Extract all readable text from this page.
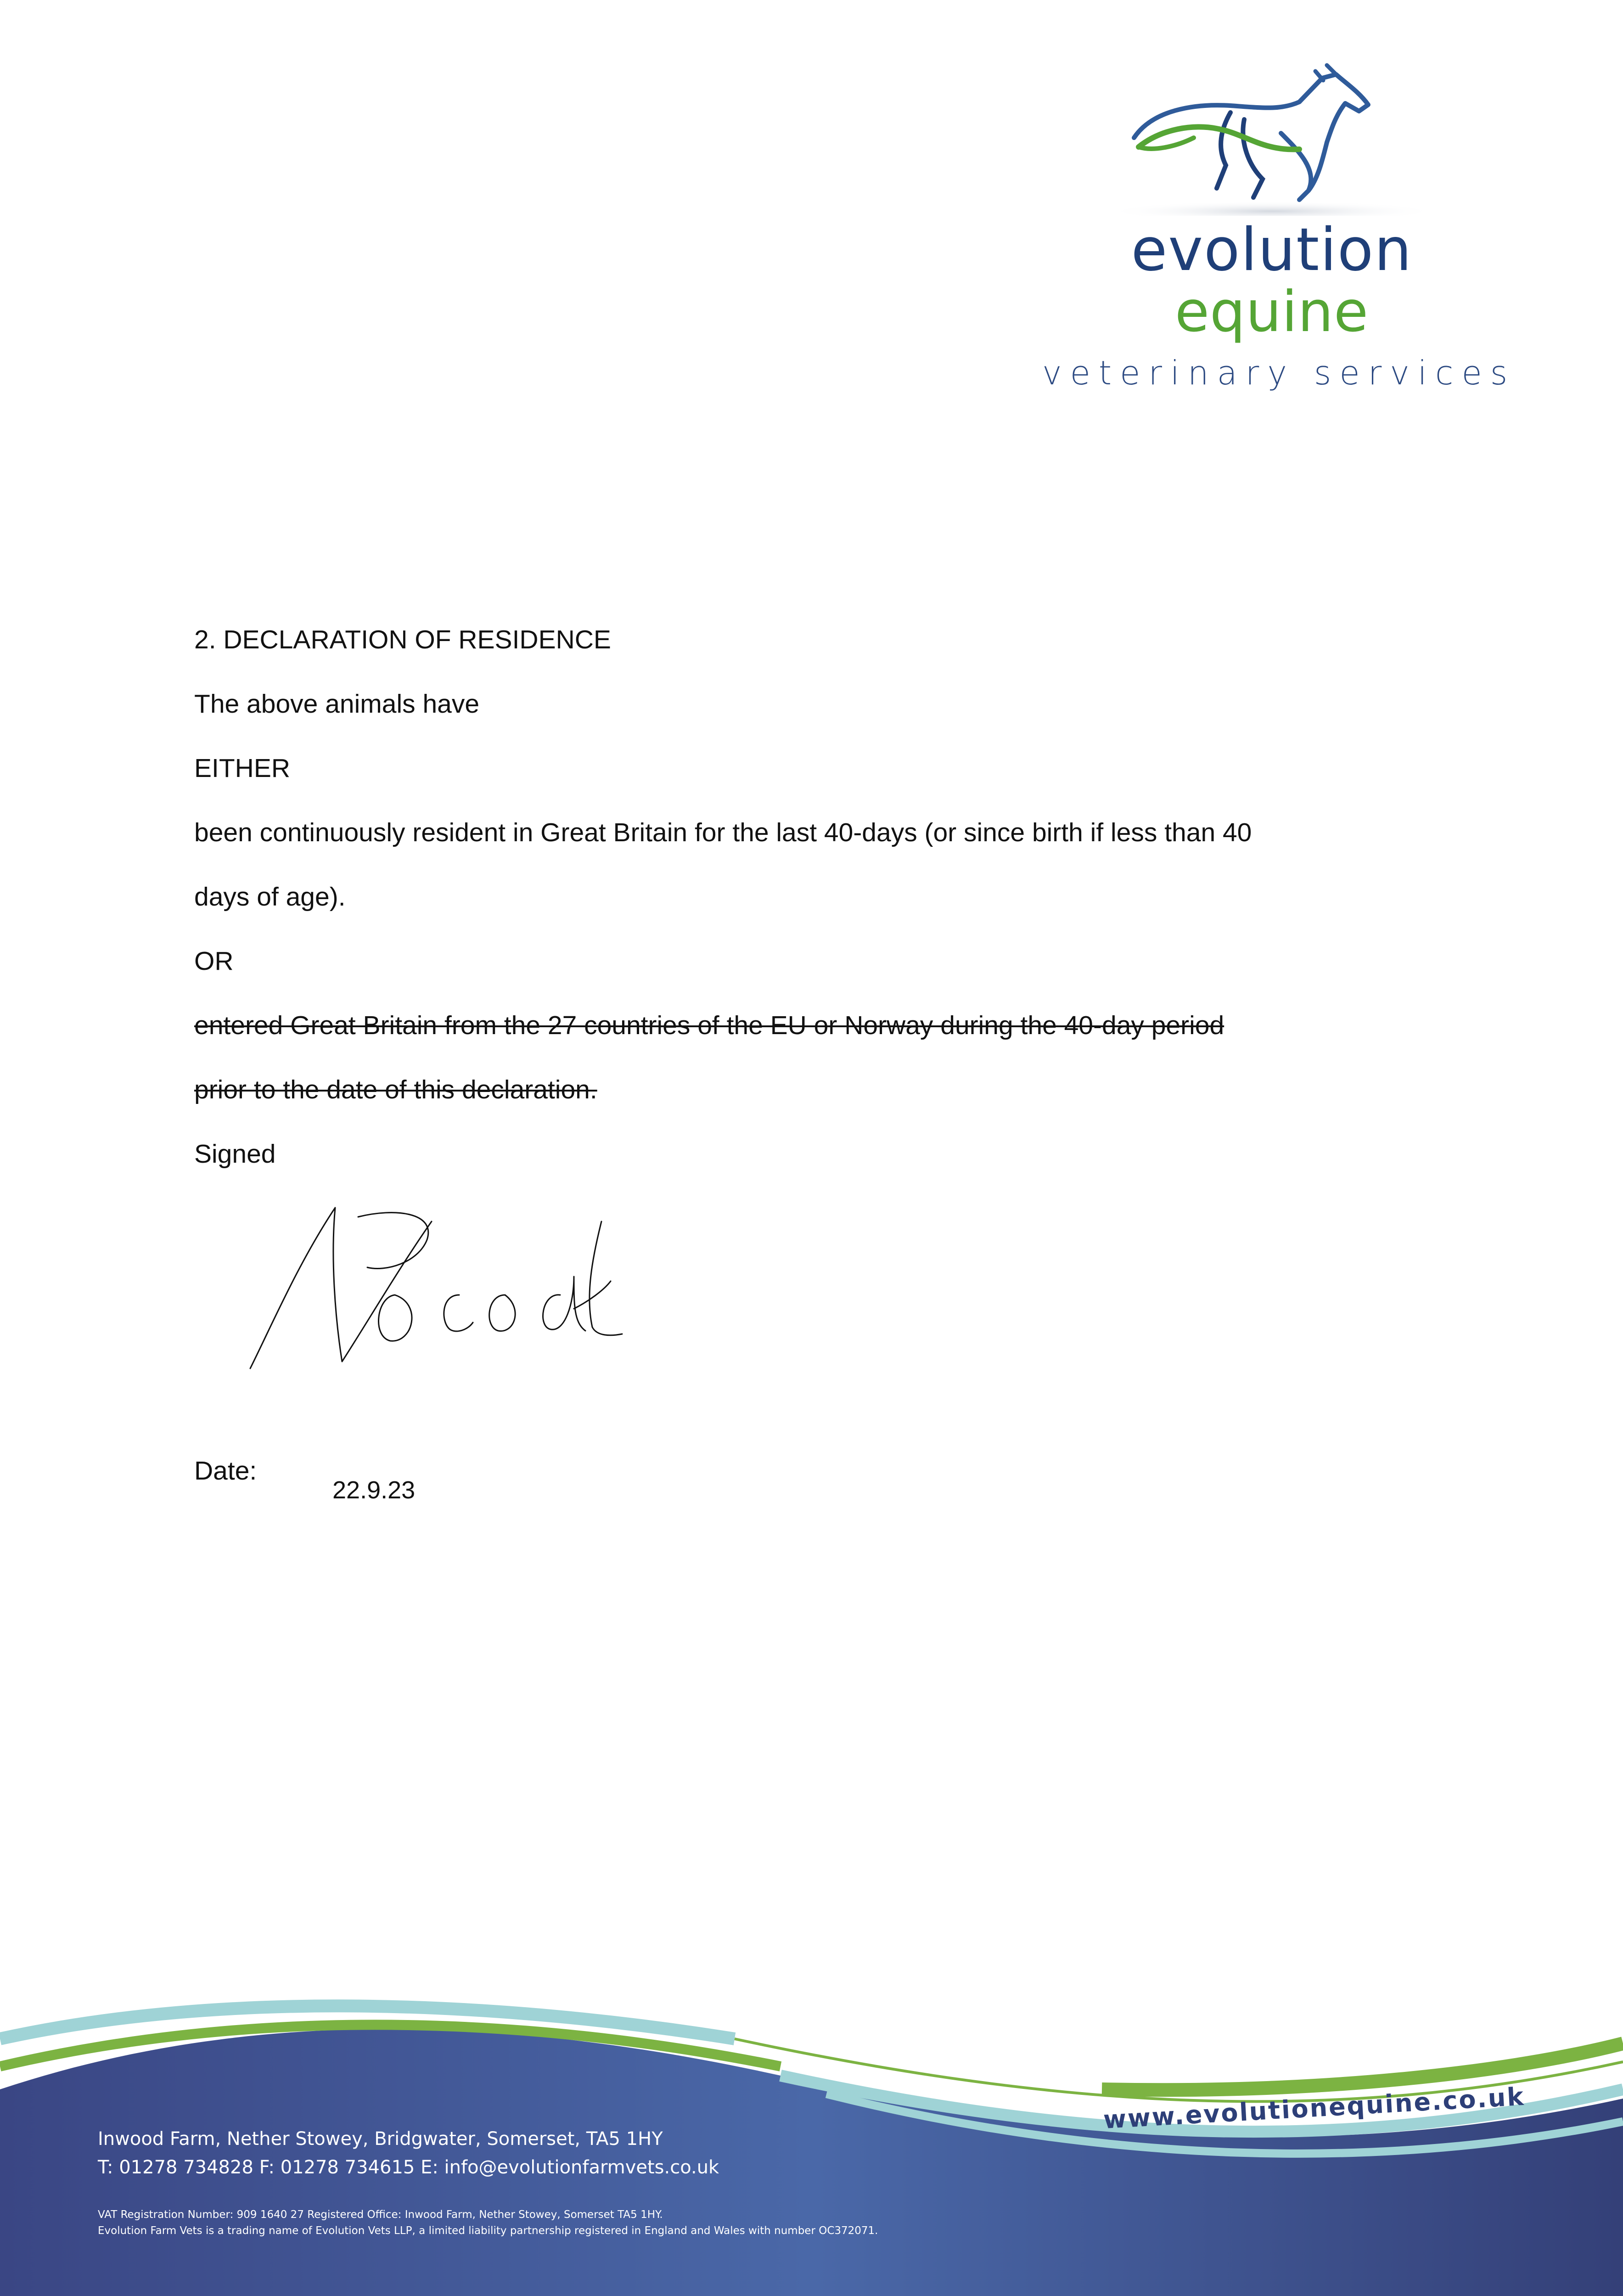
evolution
equine
veterinary services
2. DECLARATION OF RESIDENCE
The above animals have
EITHER
been continuously resident in Great Britain for the last 40-days (or since birth if less than 40
days of age).
OR
entered Great Britain from the 27 countries of the EU or Norway during the 40-day period
prior to the date of this declaration.
Signed
Date:
22.9.23
www.evolutionequine.co.uk
Inwood Farm, Nether Stowey, Bridgwater, Somerset, TA5 1HY
T: 01278 734828 F: 01278 734615 E: info@evolutionfarmvets.co.uk
VAT Registration Number: 909 1640 27 Registered Office: Inwood Farm, Nether Stowey, Somerset TA5 1HY.
Evolution Farm Vets is a trading name of Evolution Vets LLP, a limited liability partnership registered in England and Wales with number OC372071.
